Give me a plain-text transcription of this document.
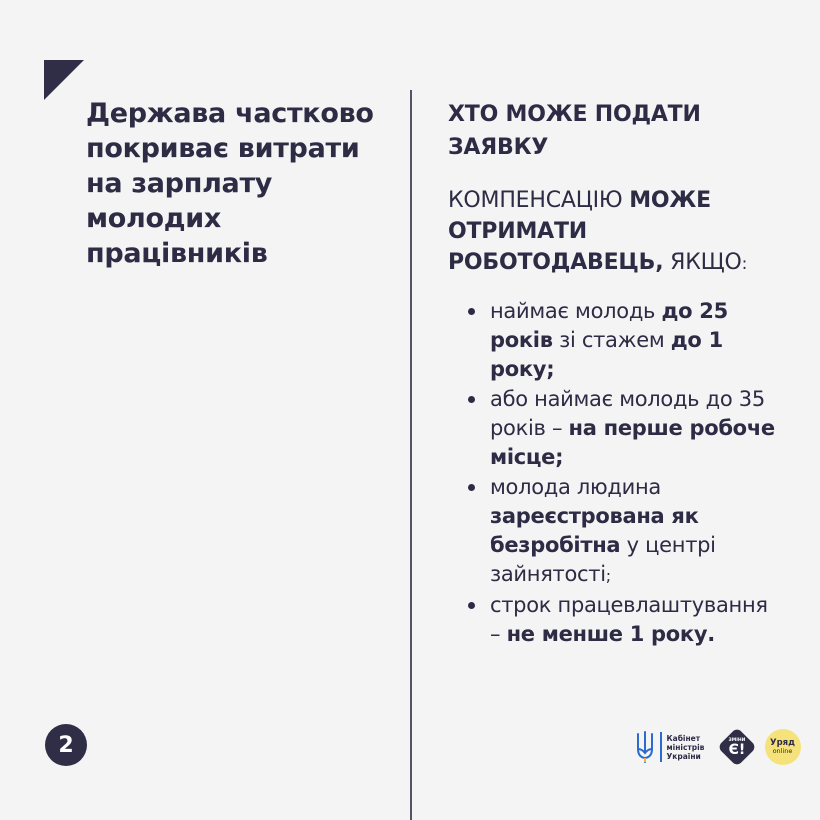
Держава частково
покриває витрати
на зарплату
молодих
працівників
ХТО МОЖЕ ПОДАТИ
ЗАЯВКУ

КОМПЕНСАЦІЮ МОЖЕ ОТРИМАТИ РОБОТОДАВЕЦЬ, ЯКЩО:

наймає молодь до 25 років зі стажем до 1 року;
або наймає молодь до 35 років – на перше робоче місце;
молода людина зареєстрована як безробітна у центрі зайнятості;
строк працевлаштування – не менше 1 року.
2	Кабінет
міністрів
України
ЗМІНИ
Є!	Уряд
online
